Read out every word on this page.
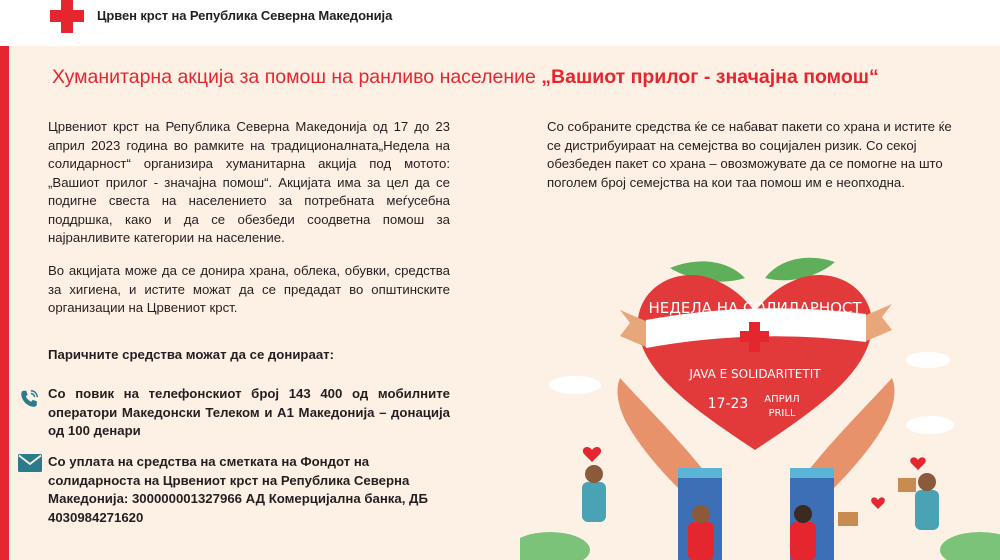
Црвен крст на Република Северна Македонија
Хуманитарна акција за помош на ранливо население „Вашиот прилог - значајна помош“
Црвениот крст на Република Северна Македонија од 17 до 23 април 2023 година во рамките на традиционалната„Недела на солидарност“ организира хуманитарна акција под мотото: „Вашиот прилог - значајна помош“. Акцијата има за цел да се подигне свеста на населението за потребната меѓусебна поддршка, како и да се обезбеди соодветна помош за најранливите категории на население.
Во акцијата може да се донира храна, облека, обувки, средства за хигиена, и истите можат да се предадат во општинските организации на Црвениот крст.
Паричните средства можат да се донираат:
Со повик на телефонскиот број 143 400 од мобилните оператори Македонски Телеком и А1 Македонија – донација од 100 денари
Со уплата на средства на сметката на Фондот на солидарноста на Црвениот крст на Република Северна Македонија: 300000001327966 АД Комерцијална банка, ДБ 4030984271620
Со собраните средства ќе се набават пакети со храна и истите ќе се дистрибуираат на семејства во социјален ризик. Со секој обезбеден пакет со храна – овозможувате да се помогне на што поголем број семејства на кои таа помош им е неопходна.
НЕДЕЛА НА СОЛИДАРНОСТ
JAVA E SOLIDARITETIT
17-23 АПРИЛ
PRILL
